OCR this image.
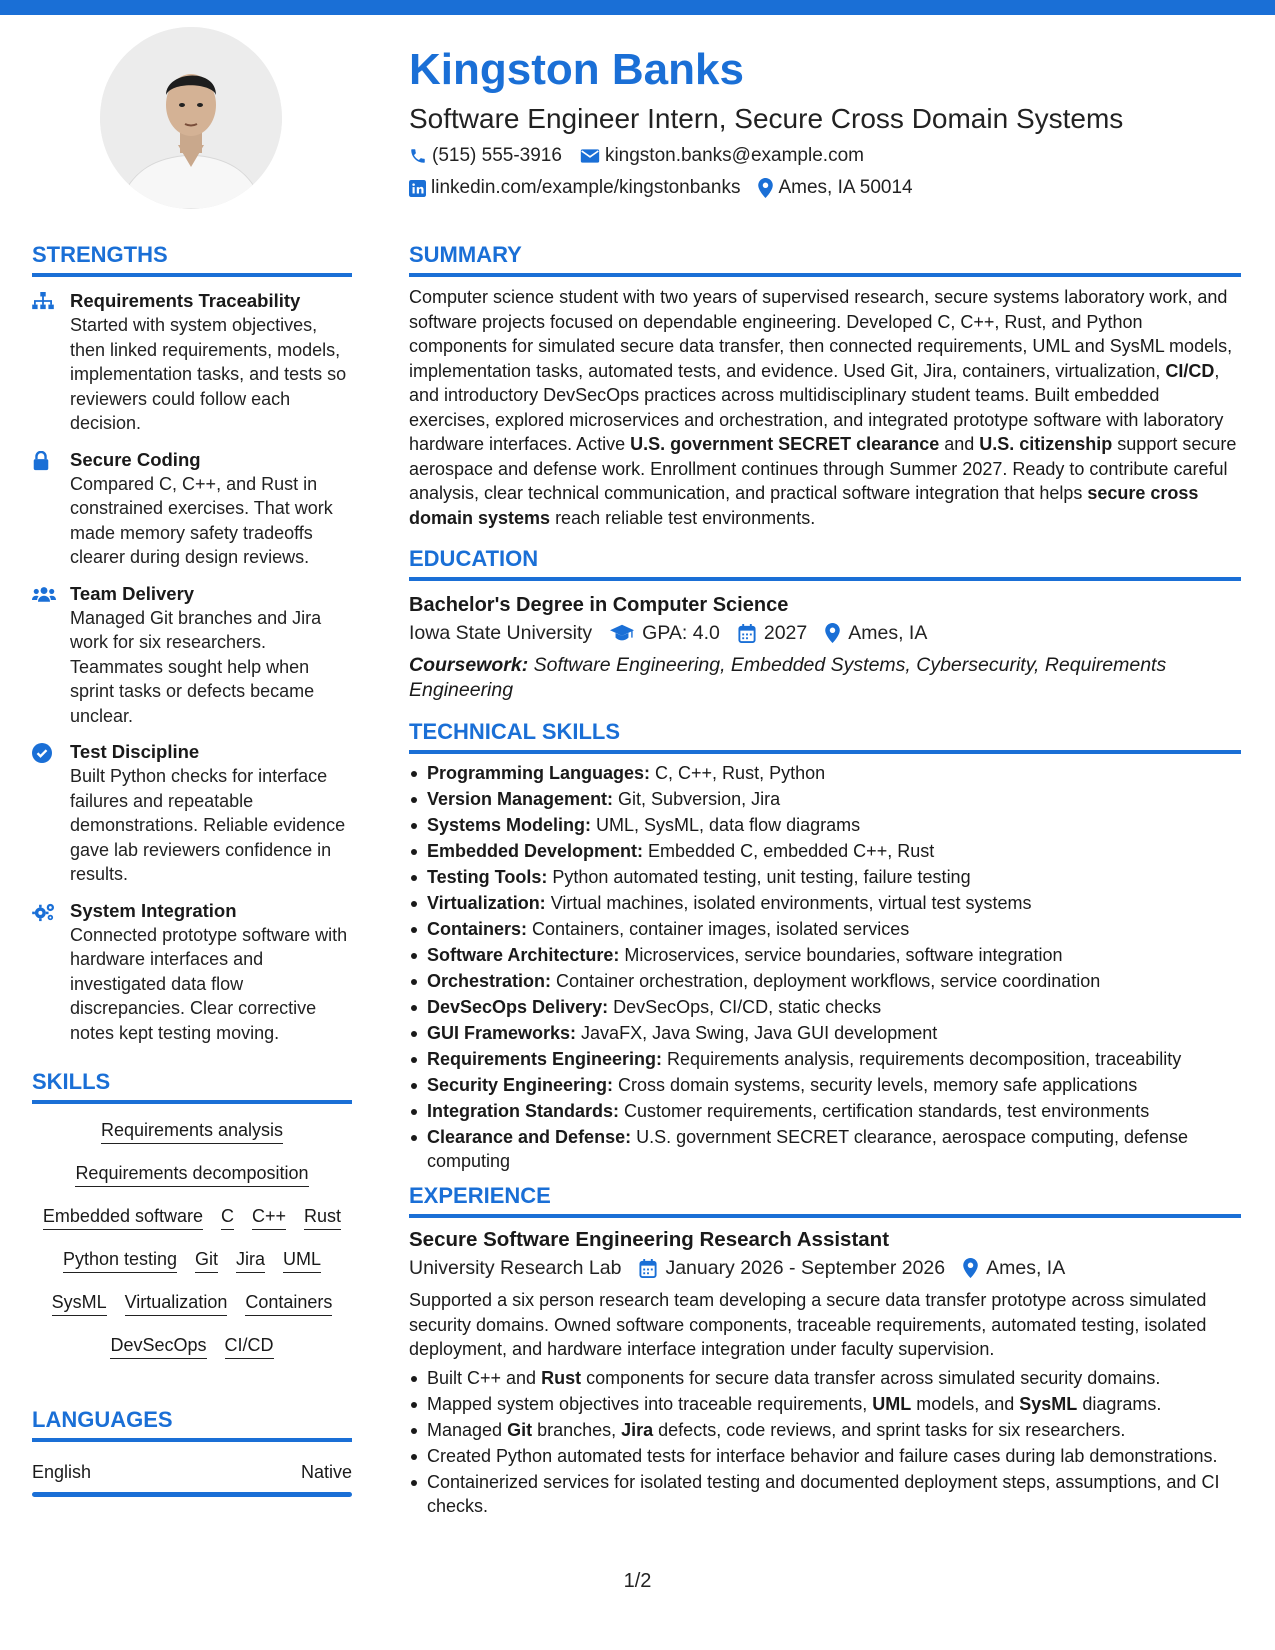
Kingston Banks
Software Engineer Intern, Secure Cross Domain Systems
(515) 555-3916 kingston.banks@example.com
linkedin.com/example/kingstonbanks Ames, IA 50014
STRENGTHS
Requirements Traceability
Started with system objectives, then linked requirements, models, implementation tasks, and tests so reviewers could follow each decision.
Secure Coding
Compared C, C++, and Rust in constrained exercises. That work made memory safety tradeoffs clearer during design reviews.
Team Delivery
Managed Git branches and Jira work for six researchers. Teammates sought help when sprint tasks or defects became unclear.
Test Discipline
Built Python checks for interface failures and repeatable demonstrations. Reliable evidence gave lab reviewers confidence in results.
System Integration
Connected prototype software with hardware interfaces and investigated data flow discrepancies. Clear corrective notes kept testing moving.
SKILLS
Requirements analysis
Requirements decomposition
Embedded software C C++ Rust
Python testing Git Jira UML
SysML Virtualization Containers
DevSecOps CI/CD
LANGUAGES
English	Native
SUMMARY
Computer science student with two years of supervised research, secure systems laboratory work, and software projects focused on dependable engineering. Developed C, C++, Rust, and Python components for simulated secure data transfer, then connected requirements, UML and SysML models, implementation tasks, automated tests, and evidence. Used Git, Jira, containers, virtualization, CI/CD, and introductory DevSecOps practices across multidisciplinary student teams. Built embedded exercises, explored microservices and orchestration, and integrated prototype software with laboratory hardware interfaces. Active U.S. government SECRET clearance and U.S. citizenship support secure aerospace and defense work. Enrollment continues through Summer 2027. Ready to contribute careful analysis, clear technical communication, and practical software integration that helps secure cross domain systems reach reliable test environments.
EDUCATION
Bachelor's Degree in Computer Science
Iowa State University	GPA: 4.0 2027 Ames, IA
Coursework: Software Engineering, Embedded Systems, Cybersecurity, Requirements Engineering
TECHNICAL SKILLS
Programming Languages: C, C++, Rust, Python
Version Management: Git, Subversion, Jira
Systems Modeling: UML, SysML, data flow diagrams
Embedded Development: Embedded C, embedded C++, Rust
Testing Tools: Python automated testing, unit testing, failure testing
Virtualization: Virtual machines, isolated environments, virtual test systems
Containers: Containers, container images, isolated services
Software Architecture: Microservices, service boundaries, software integration
Orchestration: Container orchestration, deployment workflows, service coordination
DevSecOps Delivery: DevSecOps, CI/CD, static checks
GUI Frameworks: JavaFX, Java Swing, Java GUI development
Requirements Engineering: Requirements analysis, requirements decomposition, traceability
Security Engineering: Cross domain systems, security levels, memory safe applications
Integration Standards: Customer requirements, certification standards, test environments
Clearance and Defense: U.S. government SECRET clearance, aerospace computing, defense computing
EXPERIENCE
Secure Software Engineering Research Assistant
University Research Lab January 2026 - September 2026 Ames, IA
Supported a six person research team developing a secure data transfer prototype across simulated security domains. Owned software components, traceable requirements, automated testing, isolated deployment, and hardware interface integration under faculty supervision.
Built C++ and Rust components for secure data transfer across simulated security domains.
Mapped system objectives into traceable requirements, UML models, and SysML diagrams.
Managed Git branches, Jira defects, code reviews, and sprint tasks for six researchers.
Created Python automated tests for interface behavior and failure cases during lab demonstrations.
Containerized services for isolated testing and documented deployment steps, assumptions, and CI checks.
1/2
